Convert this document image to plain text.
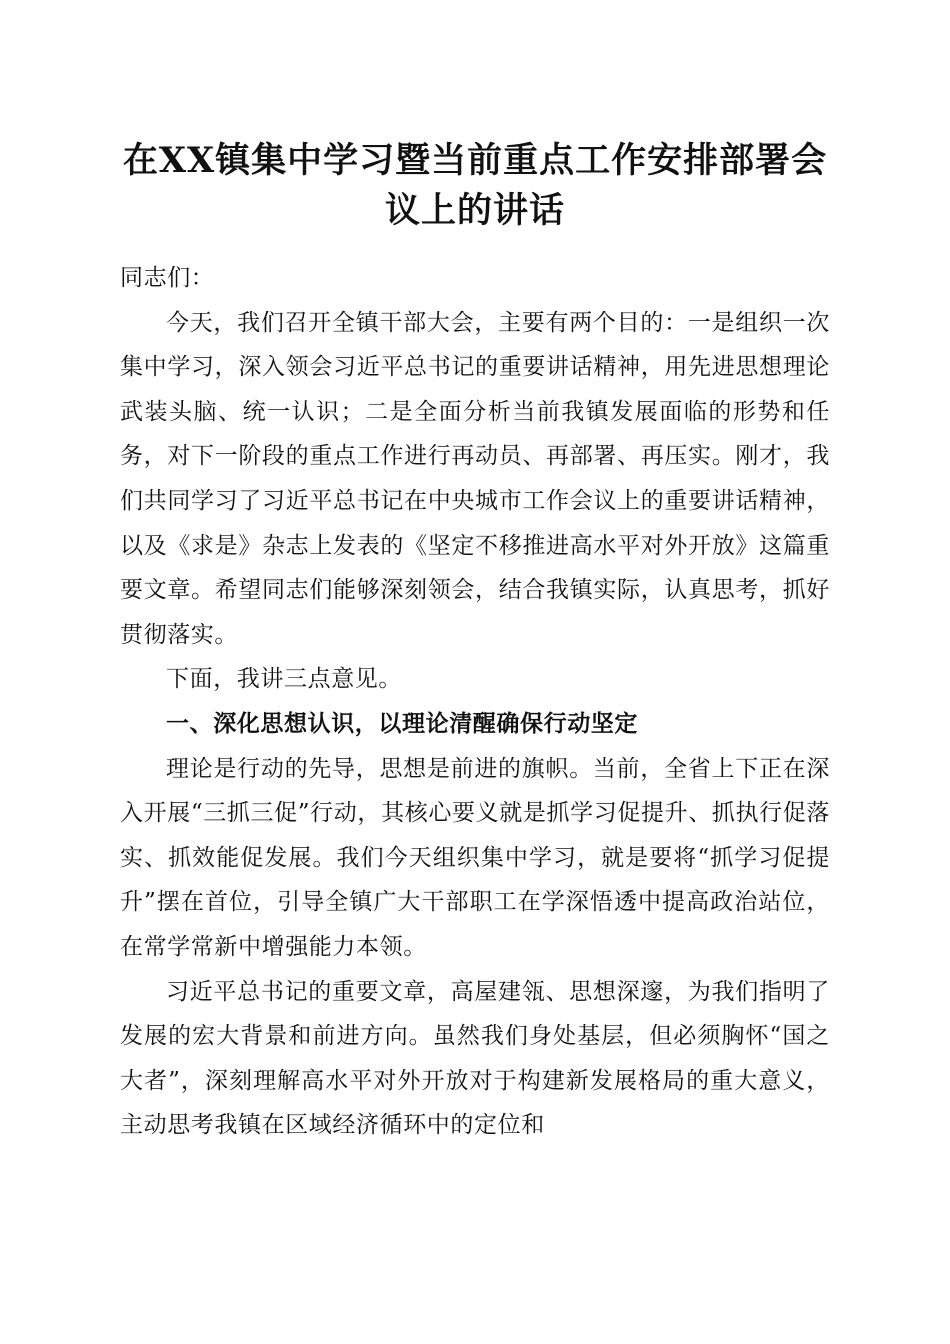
在XX镇集中学习暨当前重点工作安排部署会
议上的讲话

同志们：

今天，我们召开全镇干部大会，主要有两个目的：一是组织一次集中学习，深入领会习近平总书记的重要讲话精神，用先进思想理论武装头脑、统一认识；二是全面分析当前我镇发展面临的形势和任务，对下一阶段的重点工作进行再动员、再部署、再压实。刚才，我们共同学习了习近平总书记在中央城市工作会议上的重要讲话精神，以及《求是》杂志上发表的《坚定不移推进高水平对外开放》这篇重要文章。希望同志们能够深刻领会，结合我镇实际，认真思考，抓好贯彻落实。

下面，我讲三点意见。

一、深化思想认识，以理论清醒确保行动坚定

理论是行动的先导，思想是前进的旗帜。当前，全省上下正在深入开展“三抓三促”行动，其核心要义就是抓学习促提升、抓执行促落实、抓效能促发展。我们今天组织集中学习，就是要将“抓学习促提升”摆在首位，引导全镇广大干部职工在学深悟透中提高政治站位，在常学常新中增强能力本领。

习近平总书记的重要文章，高屋建瓴、思想深邃，为我们指明了发展的宏大背景和前进方向。虽然我们身处基层，但必须胸怀“国之大者”，深刻理解高水平对外开放对于构建新发展格局的重大意义，主动思考我镇在区域经济循环中的定位和
